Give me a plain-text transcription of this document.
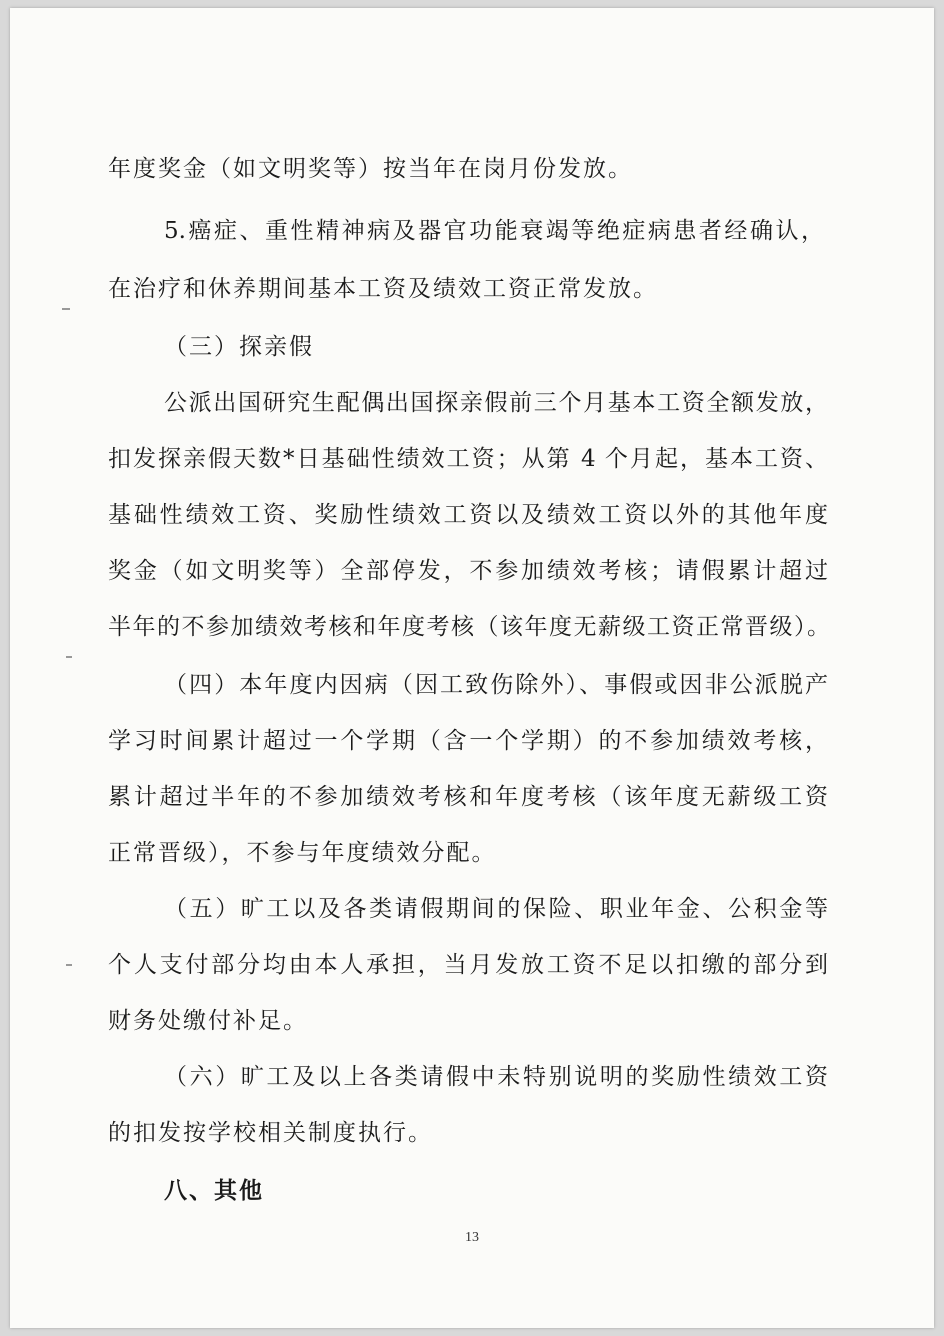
年度奖金（如文明奖等）按当年在岗月份发放。
5.癌症、重性精神病及器官功能衰竭等绝症病患者经确认，
在治疗和休养期间基本工资及绩效工资正常发放。
（三）探亲假
公派出国研究生配偶出国探亲假前三个月基本工资全额发放，
扣发探亲假天数*日基础性绩效工资；从第 4 个月起，基本工资、
基础性绩效工资、奖励性绩效工资以及绩效工资以外的其他年度
奖金（如文明奖等）全部停发，不参加绩效考核；请假累计超过
半年的不参加绩效考核和年度考核（该年度无薪级工资正常晋级）。
（四）本年度内因病（因工致伤除外）、事假或因非公派脱产
学习时间累计超过一个学期（含一个学期）的不参加绩效考核，
累计超过半年的不参加绩效考核和年度考核（该年度无薪级工资
正常晋级），不参与年度绩效分配。
（五）旷工以及各类请假期间的保险、职业年金、公积金等
个人支付部分均由本人承担，当月发放工资不足以扣缴的部分到
财务处缴付补足。
（六）旷工及以上各类请假中未特别说明的奖励性绩效工资
的扣发按学校相关制度执行。
八、其他
13
